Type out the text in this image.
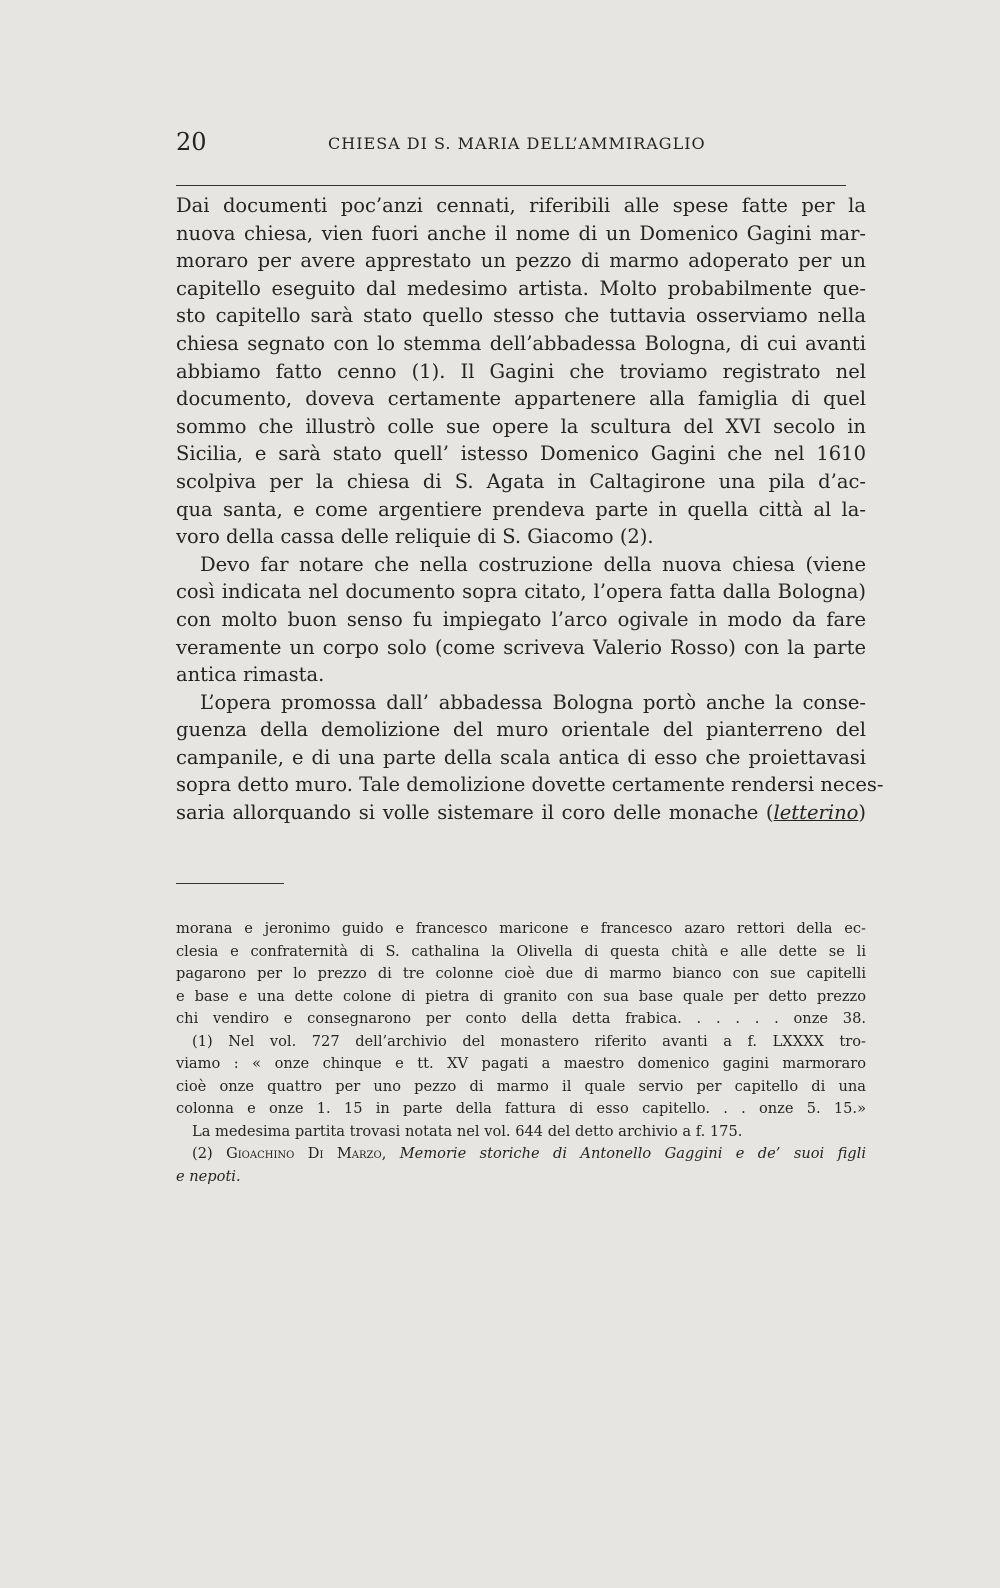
20	CHIESA DI S. MARIA DELL’AMMIRAGLIO
Dai documenti poc’anzi cennati, riferibili alle spese fatte per la
nuova chiesa, vien fuori anche il nome di un Domenico Gagini mar-
moraro per avere apprestato un pezzo di marmo adoperato per un
capitello eseguito dal medesimo artista. Molto probabilmente que-
sto capitello sarà stato quello stesso che tuttavia osserviamo nella
chiesa segnato con lo stemma dell’abbadessa Bologna, di cui avanti
abbiamo fatto cenno (1). Il Gagini che troviamo registrato nel
documento, doveva certamente appartenere alla famiglia di quel
sommo che illustrò colle sue opere la scultura del XVI secolo in
Sicilia, e sarà stato quell’ istesso Domenico Gagini che nel 1610
scolpiva per la chiesa di S. Agata in Caltagirone una pila d’ac-
qua santa, e come argentiere prendeva parte in quella città al la-
voro della cassa delle reliquie di S. Giacomo (2).
Devo far notare che nella costruzione della nuova chiesa (viene
così indicata nel documento sopra citato, l’opera fatta dalla Bologna)
con molto buon senso fu impiegato l’arco ogivale in modo da fare
veramente un corpo solo (come scriveva Valerio Rosso) con la parte
antica rimasta.
L’opera promossa dall’ abbadessa Bologna portò anche la conse-
guenza della demolizione del muro orientale del pianterreno del
campanile, e di una parte della scala antica di esso che proiettavasi
sopra detto muro. Tale demolizione dovette certamente rendersi neces-
saria allorquando si volle sistemare il coro delle monache (letterino)
morana e jeronimo guido e francesco maricone e francesco azaro rettori della ec-
clesia e confraternità di S. cathalina la Olivella di questa chità e alle dette se li
pagarono per lo prezzo di tre colonne cioè due di marmo bianco con sue capitelli
e base e una dette colone di pietra di granito con sua base quale per detto prezzo
chi vendiro e consegnarono per conto della detta frabica. . . . . . onze 38.
(1) Nel vol. 727 dell’archivio del monastero riferito avanti a f. LXXXX tro-
viamo : « onze chinque e tt. XV pagati a maestro domenico gagini marmoraro
cioè onze quattro per uno pezzo di marmo il quale servio per capitello di una
colonna e onze 1. 15 in parte della fattura di esso capitello. . . onze 5. 15.»
La medesima partita trovasi notata nel vol. 644 del detto archivio a f. 175.
(2) Gioachino Di Marzo, Memorie storiche di Antonello Gaggini e de’ suoi figli
e nepoti.
